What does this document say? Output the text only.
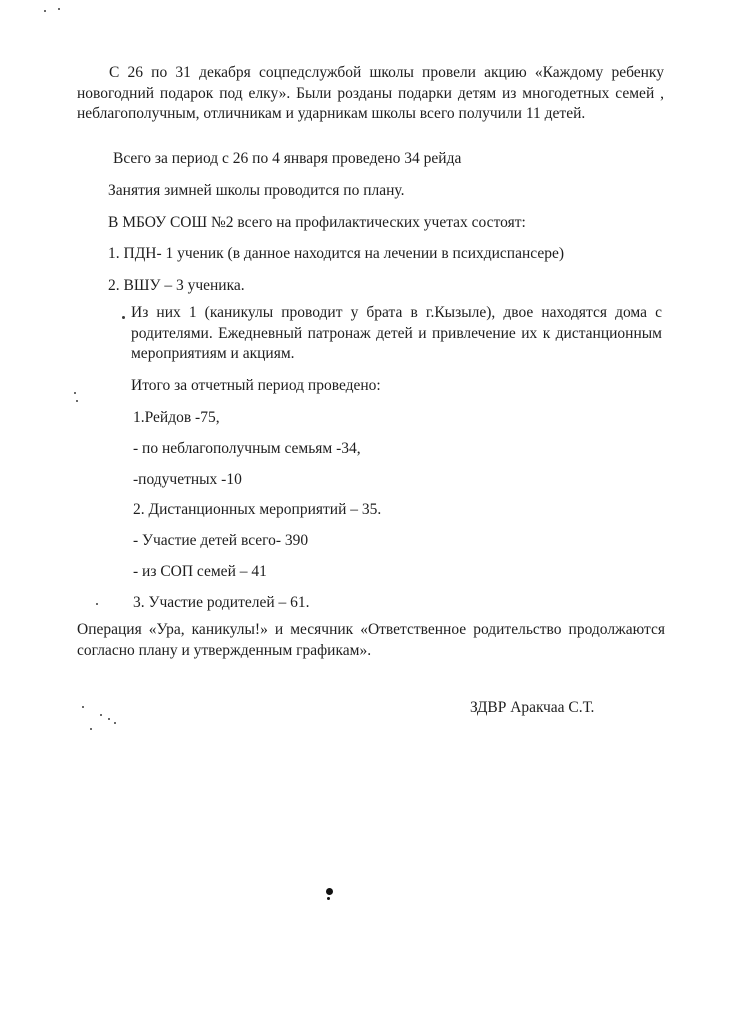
С 26 по 31 декабря соцпедслужбой школы провели акцию «Каждому ребенку новогодний подарок под елку». Были розданы подарки детям из многодетных семей , неблагополучным, отличникам и ударникам школы всего получили 11 детей.
Всего за период с 26 по 4 января проведено 34 рейда
Занятия зимней школы проводится по плану.
В МБОУ СОШ №2 всего на профилактических учетах состоят:
1. ПДН- 1 ученик (в данное находится на лечении в психдиспансере)
2. ВШУ – 3 ученика.
Из них 1 (каникулы проводит у брата в г.Кызыле), двое находятся дома с родителями. Ежедневный патронаж детей и привлечение их к дистанционным мероприятиям и акциям.
Итого за отчетный период проведено:
1.Рейдов -75,
- по неблагополучным семьям -34,
-подучетных -10
2. Дистанционных мероприятий – 35.
- Участие детей всего- 390
- из СОП семей – 41
3. Участие родителей – 61.
Операция «Ура, каникулы!» и месячник «Ответственное родительство продолжаются согласно плану и утвержденным графикам».
ЗДВР Аракчаа С.Т.
